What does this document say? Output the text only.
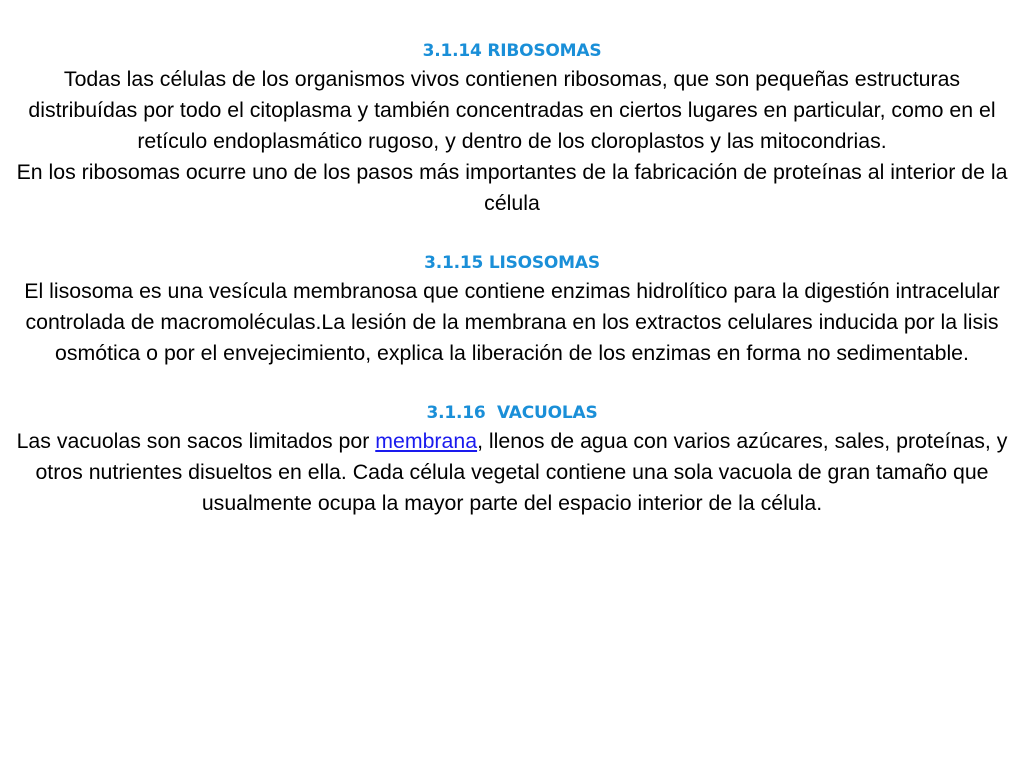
3.1.14 RIBOSOMAS

Todas las células de los organismos vivos contienen ribosomas, que son pequeñas estructuras distribuídas por todo el citoplasma y también concentradas en ciertos lugares en particular, como en el retículo endoplasmático rugoso, y dentro de los cloroplastos y las mitocondrias.

En los ribosomas ocurre uno de los pasos más importantes de la fabricación de proteínas al interior de la célula

3.1.15 LISOSOMAS

El lisosoma es una vesícula membranosa que contiene enzimas hidrolítico para la digestión intracelular controlada de macromoléculas.La lesión de la membrana en los extractos celulares inducida por la lisis osmótica o por el envejecimiento, explica la liberación de los enzimas en forma no sedimentable.

3.1.16  VACUOLAS

Las vacuolas son sacos limitados por membrana, llenos de agua con varios azúcares, sales, proteínas, y otros nutrientes disueltos en ella. Cada célula vegetal contiene una sola vacuola de gran tamaño que usualmente ocupa la mayor parte del espacio interior de la célula.
